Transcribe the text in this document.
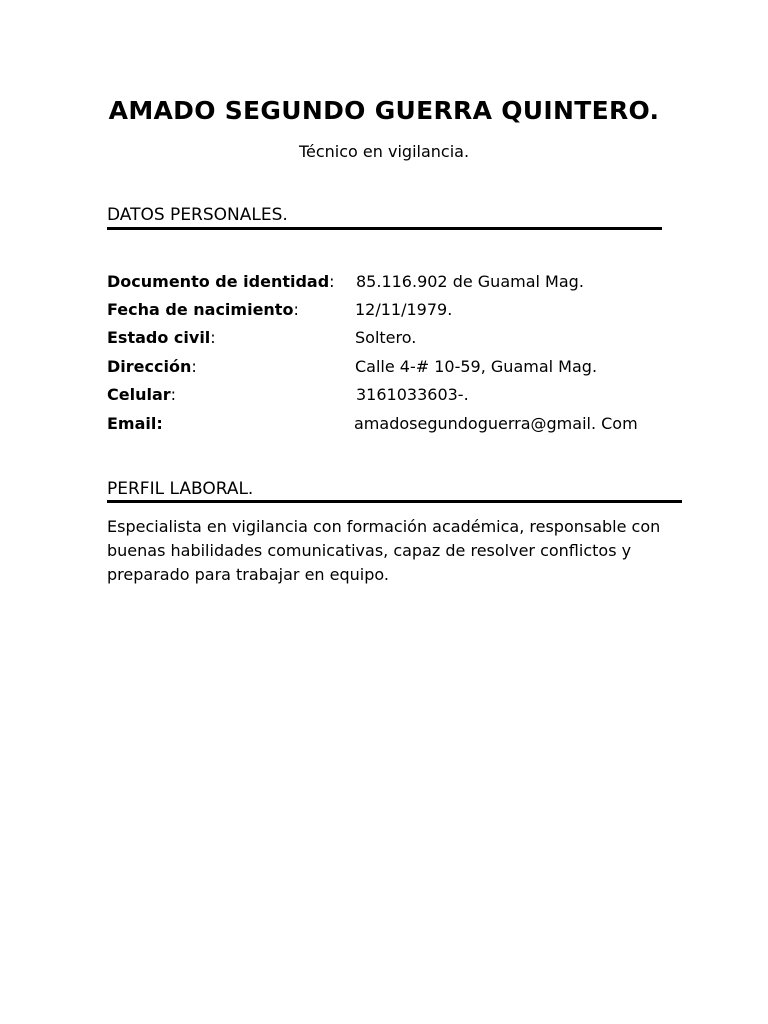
AMADO SEGUNDO GUERRA QUINTERO.
Técnico en vigilancia.
DATOS PERSONALES.
Documento de identidad: 85.116.902 de Guamal Mag.
Fecha de nacimiento:	12/11/1979.
Estado civil:	Soltero.
Dirección:	Calle 4-# 10-59, Guamal Mag.
Celular:	3161033603-.
Email:	amadosegundoguerra@gmail. Com
PERFIL LABORAL.
Especialista en vigilancia con formación académica, responsable con
buenas habilidades comunicativas, capaz de resolver conflictos y
preparado para trabajar en equipo.
